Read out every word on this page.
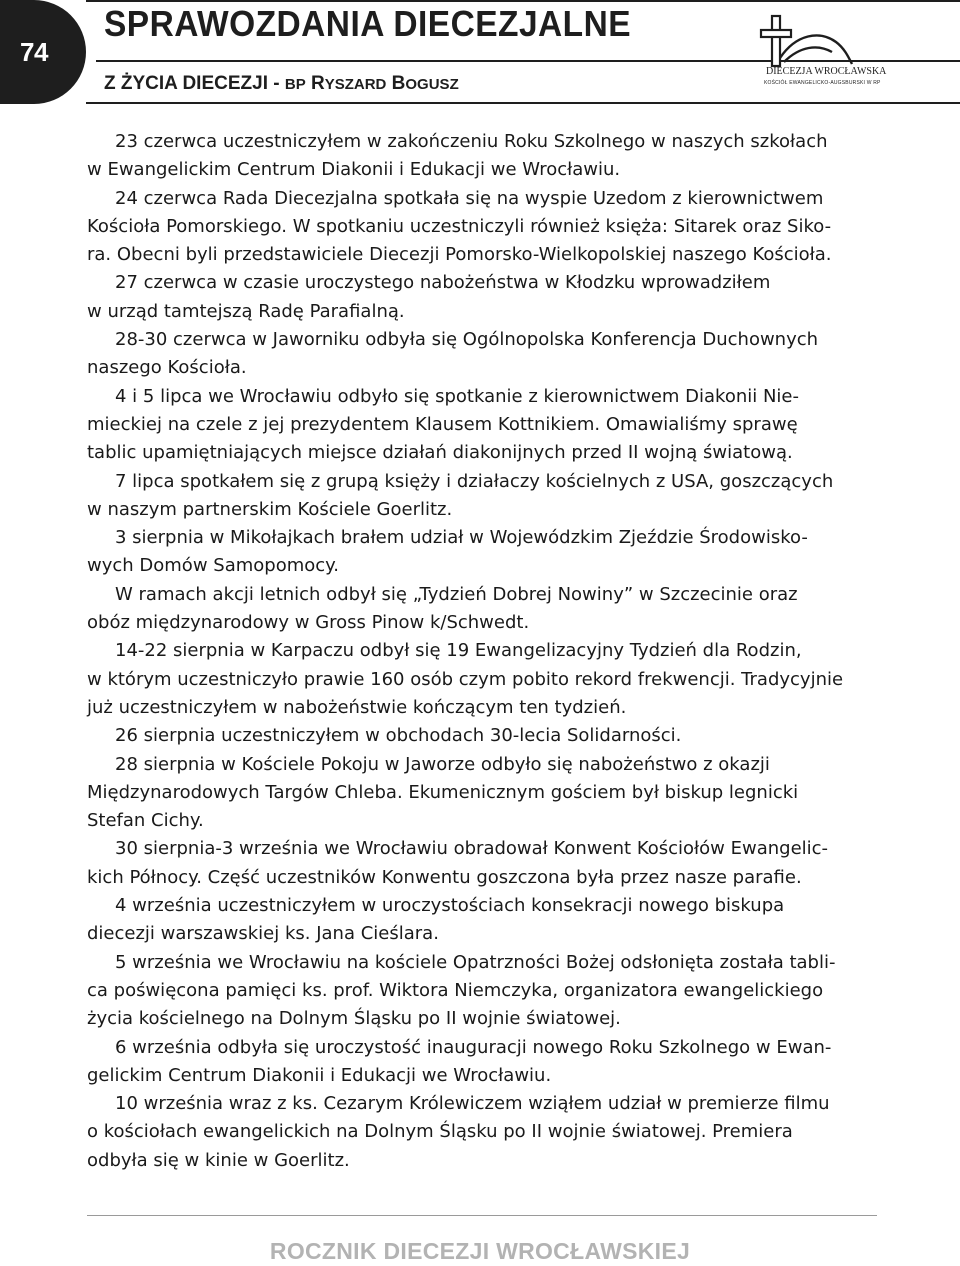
74
SPRAWOZDANIA DIECEZJALNE
Z ŻYCIA DIECEZJI - BP RYSZARD BOGUSZ
DIECEZJA WROCŁAWSKA
KOŚCIÓŁ EWANGELICKO-AUGSBURSKI W RP

23 czerwca uczestniczyłem w zakończeniu Roku Szkolnego w naszych szkołach
w Ewangelickim Centrum Diakonii i Edukacji we Wrocławiu.

24 czerwca Rada Diecezjalna spotkała się na wyspie Uzedom z kierownictwem
Kościoła Pomorskiego. W spotkaniu uczestniczyli również księża: Sitarek oraz Siko-
ra. Obecni byli przedstawiciele Diecezji Pomorsko-Wielkopolskiej naszego Kościoła.

27 czerwca w czasie uroczystego nabożeństwa w Kłodzku wprowadziłem
w urząd tamtejszą Radę Parafialną.

28-30 czerwca w Jaworniku odbyła się Ogólnopolska Konferencja Duchownych
naszego Kościoła.

4 i 5 lipca we Wrocławiu odbyło się spotkanie z kierownictwem Diakonii Nie-
mieckiej na czele z jej prezydentem Klausem Kottnikiem. Omawialiśmy sprawę
tablic upamiętniających miejsce działań diakonijnych przed II wojną światową.

7 lipca spotkałem się z grupą księży i działaczy kościelnych z USA, goszczących
w naszym partnerskim Kościele Goerlitz.

3 sierpnia w Mikołajkach brałem udział w Wojewódzkim Zjeździe Środowisko-
wych Domów Samopomocy.

W ramach akcji letnich odbył się „Tydzień Dobrej Nowiny” w Szczecinie oraz
obóz międzynarodowy w Gross Pinow k/Schwedt.

14-22 sierpnia w Karpaczu odbył się 19 Ewangelizacyjny Tydzień dla Rodzin,
w którym uczestniczyło prawie 160 osób czym pobito rekord frekwencji. Tradycyjnie
już uczestniczyłem w nabożeństwie kończącym ten tydzień.

26 sierpnia uczestniczyłem w obchodach 30-lecia Solidarności.

28 sierpnia w Kościele Pokoju w Jaworze odbyło się nabożeństwo z okazji
Międzynarodowych Targów Chleba. Ekumenicznym gościem był biskup legnicki
Stefan Cichy.

30 sierpnia-3 września we Wrocławiu obradował Konwent Kościołów Ewangelic-
kich Północy. Część uczestników Konwentu goszczona była przez nasze parafie.

4 września uczestniczyłem w uroczystościach konsekracji nowego biskupa
diecezji warszawskiej ks. Jana Cieślara.

5 września we Wrocławiu na kościele Opatrzności Bożej odsłonięta została tabli-
ca poświęcona pamięci ks. prof. Wiktora Niemczyka, organizatora ewangelickiego
życia kościelnego na Dolnym Śląsku po II wojnie światowej.

6 września odbyła się uroczystość inauguracji nowego Roku Szkolnego w Ewan-
gelickim Centrum Diakonii i Edukacji we Wrocławiu.

10 września wraz z ks. Cezarym Królewiczem wziąłem udział w premierze filmu
o kościołach ewangelickich na Dolnym Śląsku po II wojnie światowej. Premiera
odbyła się w kinie w Goerlitz.

ROCZNIK DIECEZJI WROCŁAWSKIEJ
